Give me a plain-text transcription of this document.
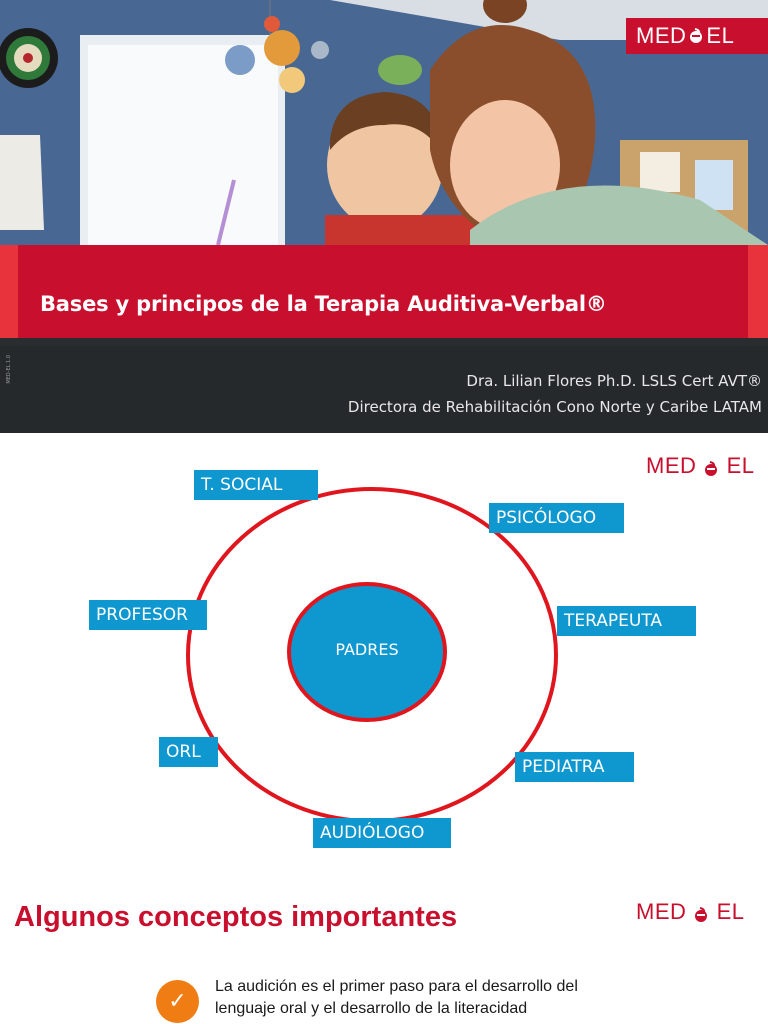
MED EL
Bases y principos de la Terapia Auditiva-Verbal®
MED-EL 1.0	Dra. Lilian Flores Ph.D. LSLS Cert AVT®
Directora de Rehabilitación Cono Norte y Caribe LATAM
MED EL
PADRES
T. SOCIAL
PSICÓLOGO
PROFESOR	TERAPEUTA
ORL
PEDIATRA
AUDIÓLOGO
Algunos conceptos importantes	MED EL
✓
La audición es el primer paso para el desarrollo del lenguaje oral y el desarrollo de la literacidad
